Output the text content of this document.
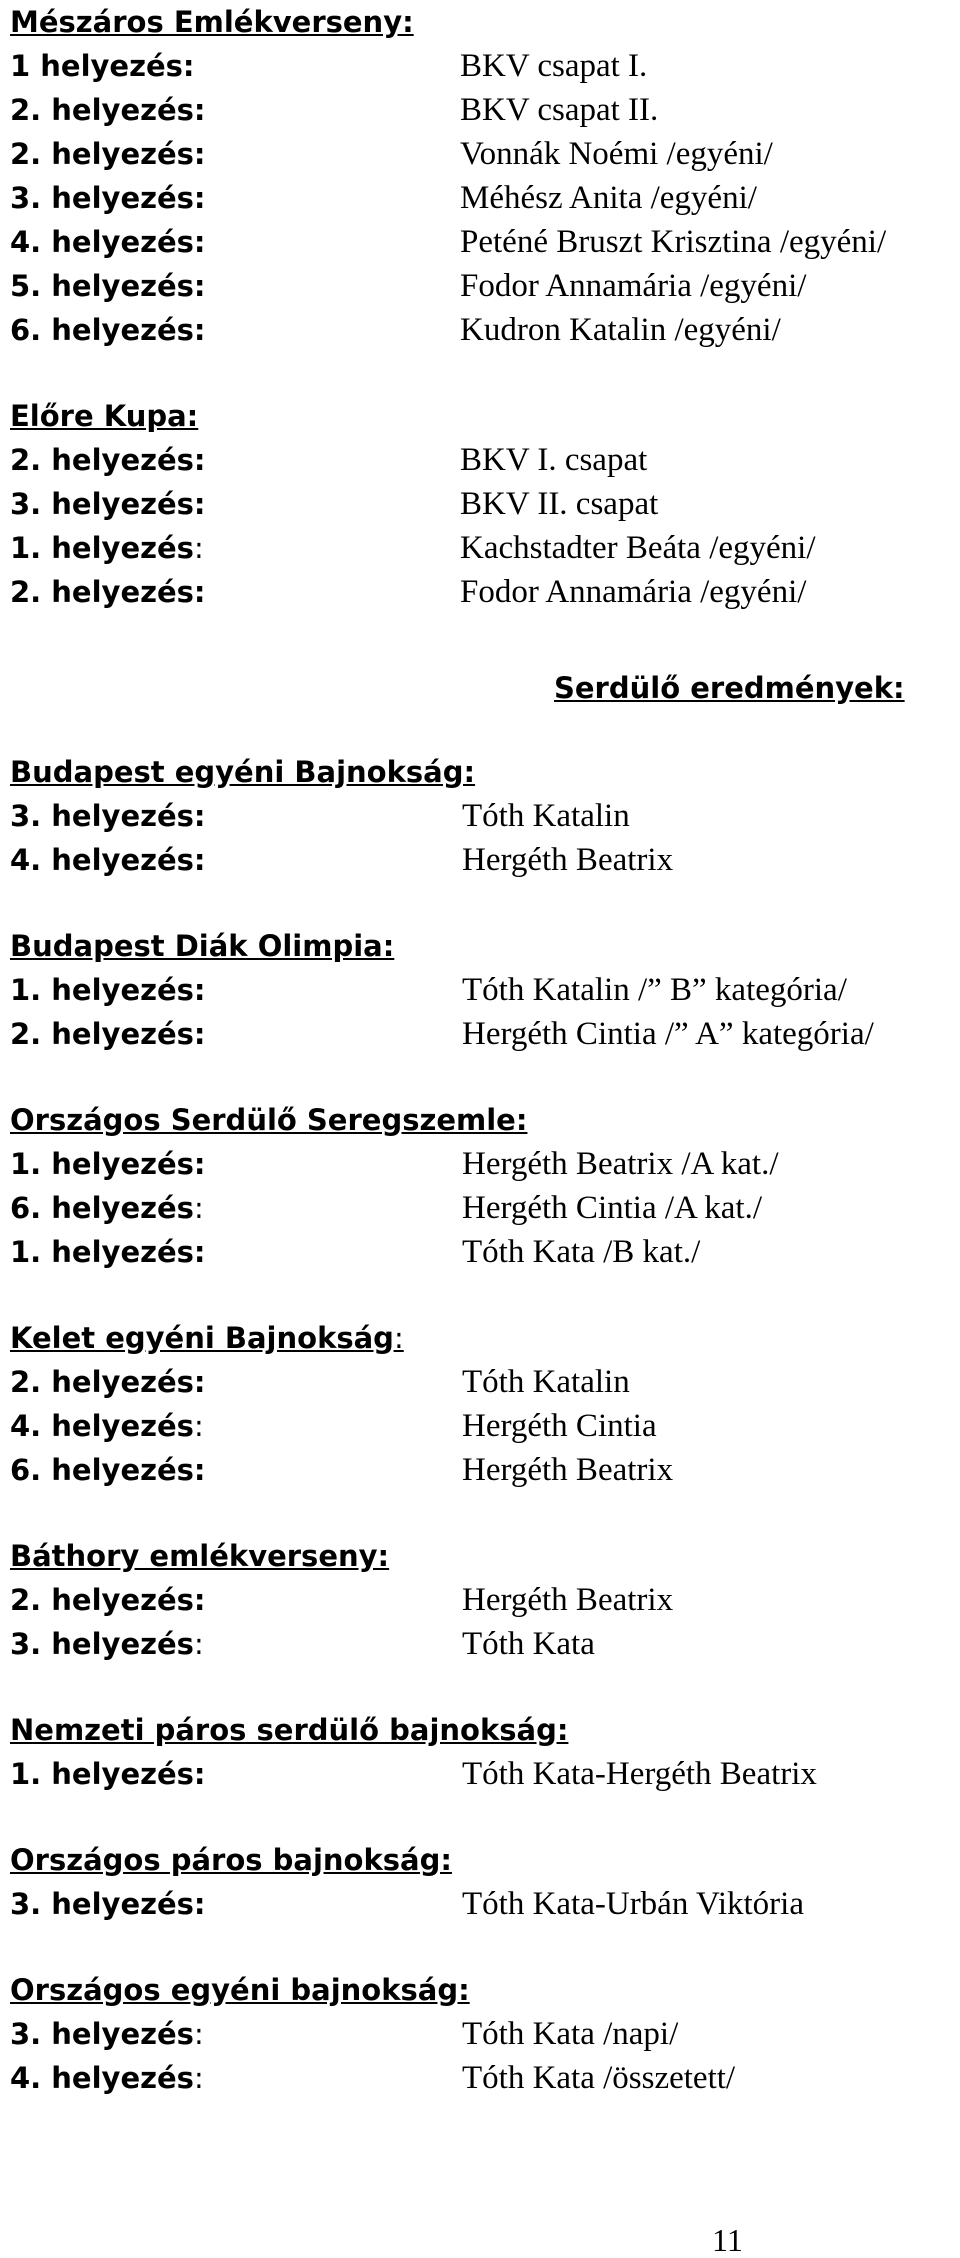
Mészáros Emlékverseny:
1 helyezés:	BKV csapat I.
2. helyezés:	BKV csapat II.
2. helyezés:	Vonnák Noémi /egyéni/
3. helyezés:	Méhész Anita /egyéni/
4. helyezés:	Peténé Bruszt Krisztina /egyéni/
5. helyezés:	Fodor Annamária /egyéni/
6. helyezés:	Kudron Katalin /egyéni/
Előre Kupa:
2. helyezés:	BKV I. csapat
3. helyezés:	BKV II. csapat
1. helyezés:	Kachstadter Beáta /egyéni/
2. helyezés:	Fodor Annamária /egyéni/
Serdülő eredmények:
Budapest egyéni Bajnokság:
3. helyezés:	Tóth Katalin
4. helyezés:	Hergéth Beatrix
Budapest Diák Olimpia:
1. helyezés:	Tóth Katalin /” B” kategória/
2. helyezés:	Hergéth Cintia /” A” kategória/
Országos Serdülő Seregszemle:
1. helyezés:	Hergéth Beatrix /A kat./
6. helyezés:	Hergéth Cintia /A kat./
1. helyezés:	Tóth Kata /B kat./
Kelet egyéni Bajnokság:
2. helyezés:	Tóth Katalin
4. helyezés:	Hergéth Cintia
6. helyezés:	Hergéth Beatrix
Báthory emlékverseny:
2. helyezés:	Hergéth Beatrix
3. helyezés:	Tóth Kata
Nemzeti páros serdülő bajnokság:
1. helyezés:	Tóth Kata-Hergéth Beatrix
Országos páros bajnokság:
3. helyezés:	Tóth Kata-Urbán Viktória
Országos egyéni bajnokság:
3. helyezés:	Tóth Kata /napi/
4. helyezés:	Tóth Kata /összetett/
11
